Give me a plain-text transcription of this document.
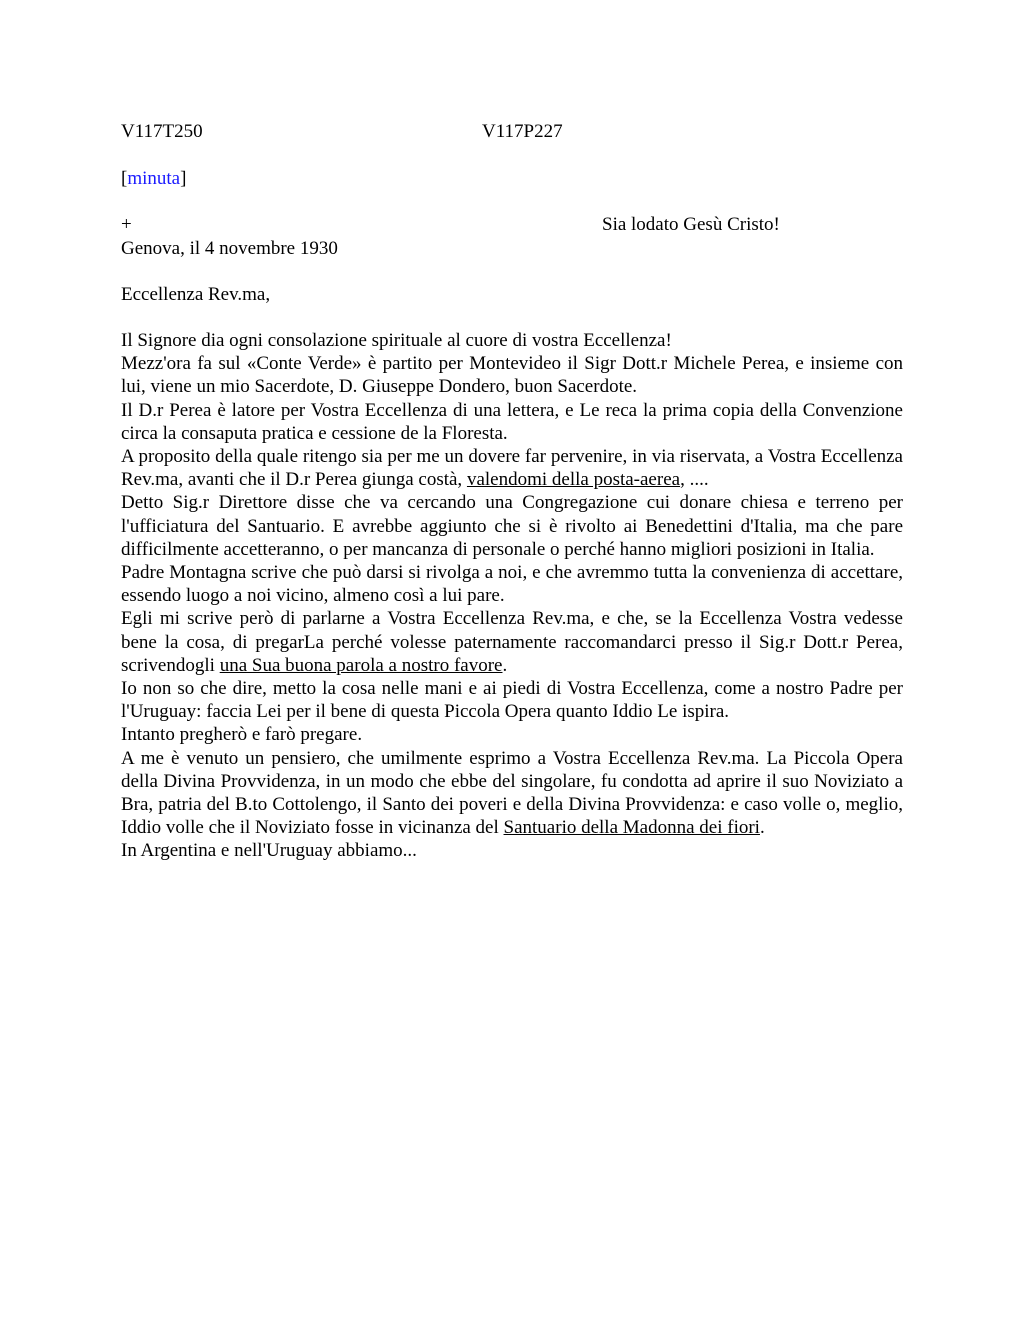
V117T250	V117P227
[minuta]
+	Sia lodato Gesù Cristo!
Genova, il 4 novembre 1930
Eccellenza Rev.ma,

Il Signore dia ogni consolazione spirituale al cuore di vostra Eccellenza!

Mezz'ora fa sul «Conte Verde» è partito per Montevideo il Sigr Dott.r Michele Perea, e insieme con lui, viene un mio Sacerdote, D. Giuseppe Dondero, buon Sacerdote.

Il D.r Perea è latore per Vostra Eccellenza di una lettera, e Le reca la prima copia della Convenzione circa la consaputa pratica e cessione de la Floresta.

A proposito della quale ritengo sia per me un dovere far pervenire, in via riservata, a Vostra Eccellenza Rev.ma, avanti che il D.r Perea giunga costà, valendomi della posta-aerea, ....

Detto Sig.r Direttore disse che va cercando una Congregazione cui donare chiesa e terreno per l'ufficiatura del Santuario. E avrebbe aggiunto che si è rivolto ai Benedettini d'Italia, ma che pare difficilmente accetteranno, o per mancanza di personale o perché hanno migliori posizioni in Italia.

Padre Montagna scrive che può darsi si rivolga a noi, e che avremmo tutta la convenienza di accettare, essendo luogo a noi vicino, almeno così a lui pare.

Egli mi scrive però di parlarne a Vostra Eccellenza Rev.ma, e che, se la Eccellenza Vostra vedesse bene la cosa, di pregarLa perché volesse paternamente raccomandarci presso il Sig.r Dott.r Perea, scrivendogli una Sua buona parola a nostro favore.

Io non so che dire, metto la cosa nelle mani e ai piedi di Vostra Eccellenza, come a nostro Padre per l'Uruguay: faccia Lei per il bene di questa Piccola Opera quanto Iddio Le ispira.

Intanto pregherò e farò pregare.

A me è venuto un pensiero, che umilmente esprimo a Vostra Eccellenza Rev.ma. La Piccola Opera della Divina Provvidenza, in un modo che ebbe del singolare, fu condotta ad aprire il suo Noviziato a Bra, patria del B.to Cottolengo, il Santo dei poveri e della Divina Provvidenza: e caso volle o, meglio, Iddio volle che il Noviziato fosse in vicinanza del Santuario della Madonna dei fiori.

In Argentina e nell'Uruguay abbiamo...
